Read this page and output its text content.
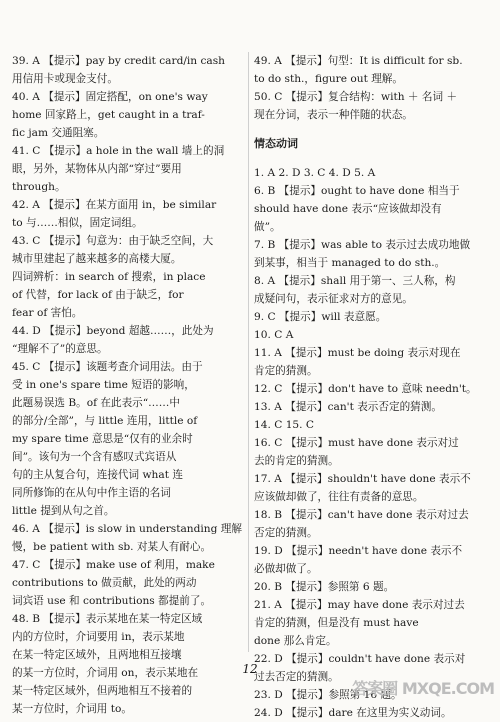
39. A 【提示】pay by credit card/in cash

用信用卡或现金支付。

40. A 【提示】固定搭配，on one's way

home 回家路上，get caught in a traf-

fic jam 交通阻塞。

41. C 【提示】a hole in the wall 墙上的洞

眼，另外，某物体从内部“穿过”要用

through。

42. A 【提示】在某方面用 in，be similar

to 与……相似，固定词组。

43. C 【提示】句意为：由于缺乏空间，大

城市里建起了越来越多的高楼大厦。

四词辨析：in search of 搜索，in place

of 代替，for lack of 由于缺乏，for

fear of 害怕。

44. D 【提示】beyond 超越……，此处为

“理解不了”的意思。

45. C 【提示】该题考查介词用法。由于

受 in one's spare time 短语的影响，

此题易误选 B。of 在此表示“……中

的部分/全部”，与 little 连用，little of

my spare time 意思是“仅有的业余时

间”。该句为一个含有感叹式宾语从

句的主从复合句，连接代词 what 连

同所修饰的在从句中作主语的名词

little 提到从句之首。

46. A 【提示】is slow in understanding 理解

慢，be patient with sb. 对某人有耐心。

47. C 【提示】make use of 利用，make

contributions to 做贡献，此处的两动

词宾语 use 和 contributions 都提前了。

48. B 【提示】表示某地在某一特定区域

内的方位时，介词要用 in，表示某地

在某一特定区域外，且两地相互接壤

的某一方位时，介词用 on，表示某地在

某一特定区域外，但两地相互不接着的

某一方位时，介词用 to。

49. A 【提示】句型：It is difficult for sb.

to do sth.，figure out 理解。

50. C 【提示】复合结构：with ＋ 名词 ＋

现在分词，表示一种伴随的状态。

情态动词

1. A 2. D 3. C 4. D 5. A

6. B 【提示】ought to have done 相当于

should have done 表示“应该做却没有

做”。

7. B 【提示】was able to 表示过去成功地做

到某事，相当于 managed to do sth.。

8. A 【提示】shall 用于第一、三人称，构

成疑问句，表示征求对方的意见。

9. C 【提示】will 表意愿。

10. C A

11. A 【提示】must be doing 表示对现在

肯定的猜测。

12. C 【提示】don't have to 意味 needn't。

13. A 【提示】can't 表示否定的猜测。

14. C 15. C

16. C 【提示】must have done 表示对过

去的肯定的猜测。

17. A 【提示】shouldn't have done 表示不

应该做却做了，往往有责备的意思。

18. B 【提示】can't have done 表示对过去

否定的猜测。

19. D 【提示】needn't have done 表示不

必做却做了。

20. B 【提示】参照第 6 题。

21. A 【提示】may have done 表示对过去

肯定的猜测，但是没有 must have

done 那么肯定。

22. D 【提示】couldn't have done 表示对

过去否定的猜测。

23. D 【提示】参照第 16 题。

24. D 【提示】dare 在这里为实义动词。

12
答案圈 MXQE.COM
